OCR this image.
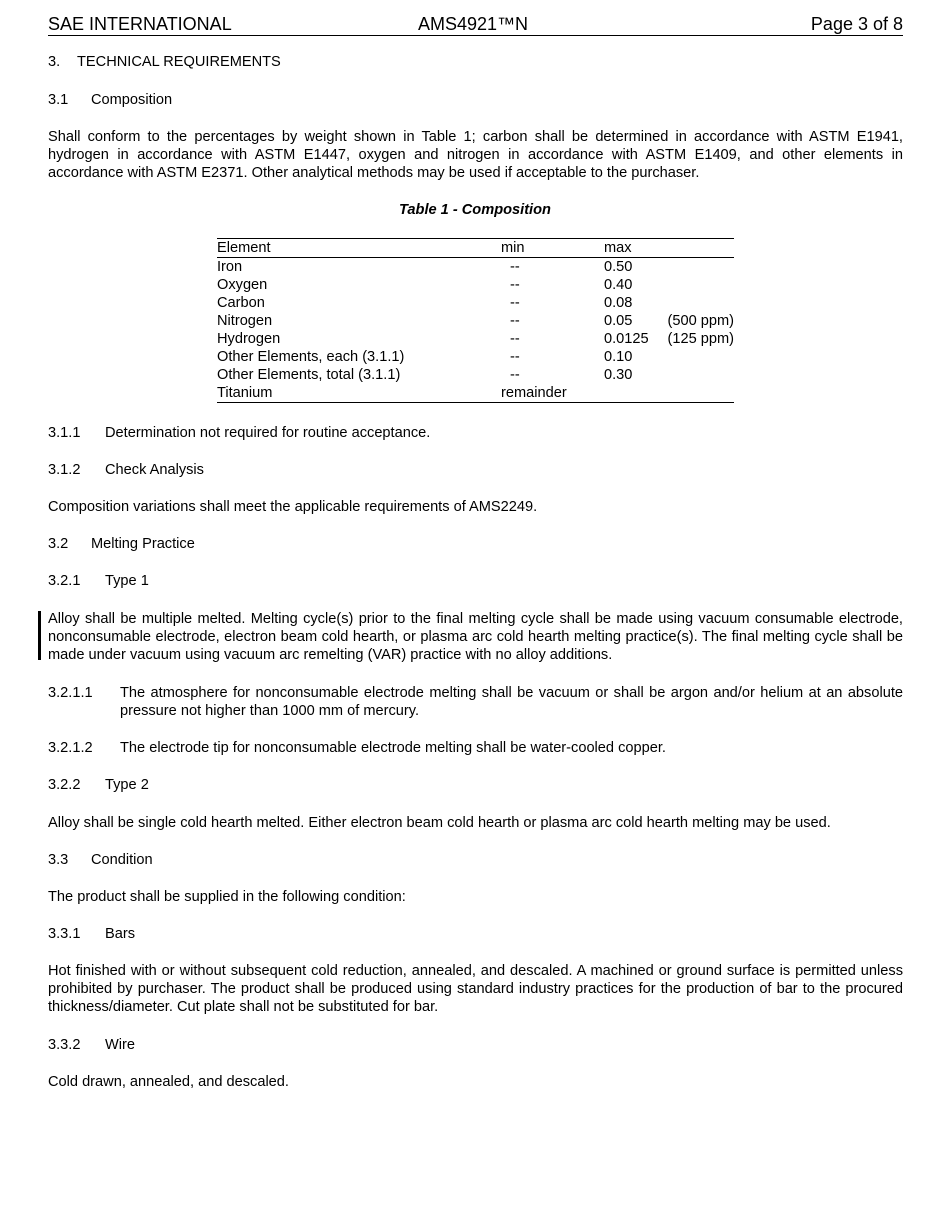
SAE INTERNATIONAL	AMS4921™N	Page 3 of 8
3. TECHNICAL REQUIREMENTS
3.1 Composition

Shall conform to the percentages by weight shown in Table 1; carbon shall be determined in accordance with ASTM E1941, hydrogen in accordance with ASTM E1447, oxygen and nitrogen in accordance with ASTM E1409, and other elements in accordance with ASTM E2371. Other analytical methods may be used if acceptable to the purchaser.

Table 1 - Composition
Element	min	max	
Iron	--	0.50	
Oxygen	--	0.40	
Carbon	--	0.08	
Nitrogen	--	0.05	(500 ppm)
Hydrogen	--	0.0125	(125 ppm)
Other Elements, each (3.1.1)	--	0.10	
Other Elements, total (3.1.1)	--	0.30	
Titanium	remainder		
3.1.1 Determination not required for routine acceptance.
3.1.2 Check Analysis

Composition variations shall meet the applicable requirements of AMS2249.

3.2 Melting Practice
3.2.1 Type 1

Alloy shall be multiple melted. Melting cycle(s) prior to the final melting cycle shall be made using vacuum consumable electrode, nonconsumable electrode, electron beam cold hearth, or plasma arc cold hearth melting practice(s). The final melting cycle shall be made under vacuum using vacuum arc remelting (VAR) practice with no alloy additions.

3.2.1.1 The atmosphere for nonconsumable electrode melting shall be vacuum or shall be argon and/or helium at an absolute pressure not higher than 1000 mm of mercury.
3.2.1.2 The electrode tip for nonconsumable electrode melting shall be water-cooled copper.
3.2.2 Type 2

Alloy shall be single cold hearth melted. Either electron beam cold hearth or plasma arc cold hearth melting may be used.

3.3 Condition

The product shall be supplied in the following condition:

3.3.1 Bars

Hot finished with or without subsequent cold reduction, annealed, and descaled. A machined or ground surface is permitted unless prohibited by purchaser. The product shall be produced using standard industry practices for the production of bar to the procured thickness/diameter. Cut plate shall not be substituted for bar.

3.3.2 Wire

Cold drawn, annealed, and descaled.
